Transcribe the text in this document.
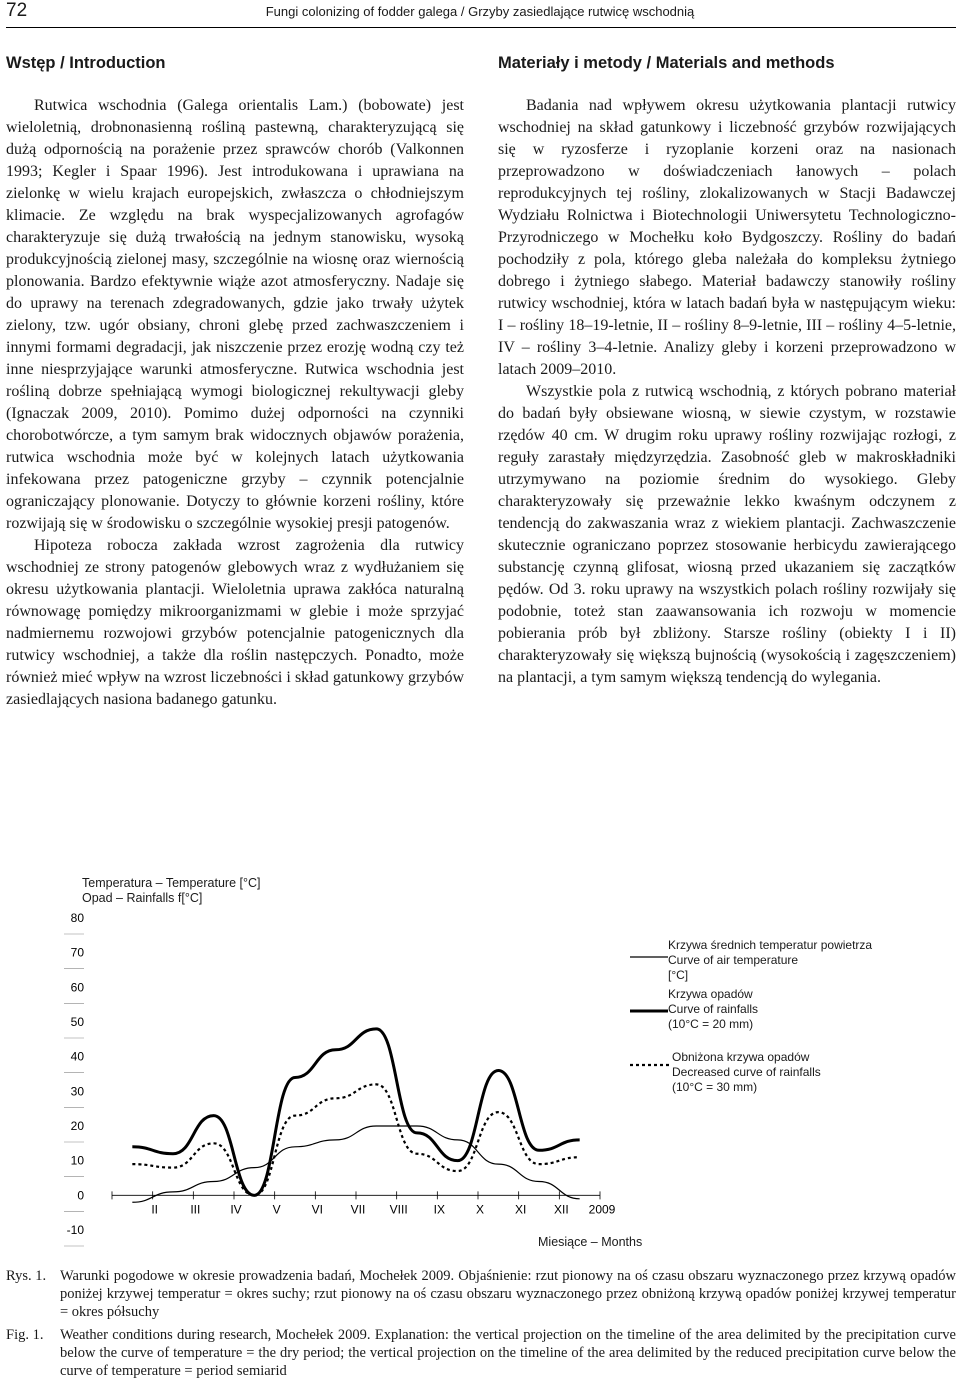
72	Fungi colonizing of fodder galega / Grzyby zasiedlające rutwicę wschodnią
Wstęp / Introduction	Materiały i metody / Materials and methods

Rutwica wschodnia (Galega orientalis Lam.) (bobowate) jest wieloletnią, drobnonasienną rośliną pastewną, charakteryzującą się dużą odpornością na porażenie przez sprawców chorób (Valkonnen 1993; Kegler i Spaar 1996). Jest introdukowana i uprawiana na zielonkę w wielu krajach europejskich, zwłaszcza o chłodniejszym klimacie. Ze względu na brak wyspecjalizowanych agrofagów charakteryzuje się dużą trwałością na jednym stanowisku, wysoką produkcyjnością zielonej masy, szczególnie na wiosnę oraz wiernością plonowania. Bardzo efektywnie wiąże azot atmosferyczny. Nadaje się do uprawy na terenach zdegradowanych, gdzie jako trwały użytek zielony, tzw. ugór obsiany, chroni glebę przed zachwaszczeniem i innymi formami degradacji, jak niszczenie przez erozję wodną czy też inne niesprzyjające warunki atmosferyczne. Rutwica wschodnia jest rośliną dobrze spełniającą wymogi biologicznej rekultywacji gleby (Ignaczak 2009, 2010). Pomimo dużej odporności na czynniki chorobotwórcze, a tym samym brak widocznych objawów porażenia, rutwica wschodnia może być w kolejnych latach użytkowania infekowana przez patogeniczne grzyby – czynnik potencjalnie ograniczający plonowanie. Dotyczy to głównie korzeni rośliny, które rozwijają się w środowisku o szczególnie wysokiej presji patogenów.

Hipoteza robocza zakłada wzrost zagrożenia dla rutwicy wschodniej ze strony patogenów glebowych wraz z wydłużaniem się okresu użytkowania plantacji. Wieloletnia uprawa zakłóca naturalną równowagę pomiędzy mikroorganizmami w glebie i może sprzyjać nadmiernemu rozwojowi grzybów potencjalnie patogenicznych dla rutwicy wschodniej, a także dla roślin następczych. Ponadto, może również mieć wpływ na wzrost liczebności i skład gatunkowy grzybów zasiedlających nasiona badanego gatunku.

Badania nad wpływem okresu użytkowania plantacji rutwicy wschodniej na skład gatunkowy i liczebność grzybów rozwijających się w ryzosferze i ryzoplanie korzeni oraz na nasionach przeprowadzono w doświadczeniach łanowych – polach reprodukcyjnych tej rośliny, zlokalizowanych w Stacji Badawczej Wydziału Rolnictwa i Biotechnologii Uniwersytetu Technologiczno-Przyrodniczego w Mochełku koło Bydgoszczy. Rośliny do badań pochodziły z pola, którego gleba należała do kompleksu żytniego dobrego i żytniego słabego. Materiał badawczy stanowiły rośliny rutwicy wschodniej, która w latach badań była w następującym wieku: I – rośliny 18–19-letnie, II – rośliny 8–9-letnie, III – rośliny 4–5-letnie, IV – rośliny 3–4-letnie. Analizy gleby i korzeni przeprowadzono w latach 2009–2010.

Wszystkie pola z rutwicą wschodnią, z których pobrano materiał do badań były obsiewane wiosną, w siewie czystym, w rozstawie rzędów 40 cm. W drugim roku uprawy rośliny rozwijając rozłogi, z reguły zarastały międzyrzędzia. Zasobność gleb w makroskładniki utrzymywano na poziomie średnim do wysokiego. Gleby charakteryzowały się przeważnie lekko kwaśnym odczynem z tendencją do zakwaszania wraz z wiekiem plantacji. Zachwaszczenie skutecznie ograniczano poprzez stosowanie herbicydu zawierającego substancję czynną glifosat, wiosną przed ukazaniem się zaczątków pędów. Od 3. roku uprawy na wszystkich polach rośliny rozwijały się podobnie, toteż stan zaawansowania ich rozwoju w momencie pobierania prób był zbliżony. Starsze rośliny (obiekty I i II) charakteryzowały się większą bujnością (wysokością i zagęszczeniem) na plantacji, a tym samym większą tendencją do wylegania.

Temperatura – Temperature [°C]
Opad – Rainfalls f[°C]
80
70
60
50
40
30
20
10
0
-10
II	III IV	V	VI VII VIII IX	X	XI XII 2009
Krzywa średnich temperatur powietrza
Curve of air temperature
[°C]
Krzywa opadów
Curve of rainfalls
(10°C = 20 mm)
Obniżona krzywa opadów
Decreased curve of rainfalls
(10°C = 30 mm)
Miesiące – Months
Rys. 1. Warunki pogodowe w okresie prowadzenia badań, Mochełek 2009. Objaśnienie: rzut pionowy na oś czasu obszaru wyznaczonego przez krzywą opadów poniżej krzywej temperatur = okres suchy; rzut pionowy na oś czasu obszaru wyznaczonego przez obniżoną krzywą opadów poniżej krzywej temperatur = okres półsuchy
Fig. 1. Weather conditions during research, Mochełek 2009. Explanation: the vertical projection on the timeline of the area delimited by the precipitation curve below the curve of temperature = the dry period; the vertical projection on the timeline of the area delimited by the reduced precipitation curve below the curve of temperature = period semiarid
